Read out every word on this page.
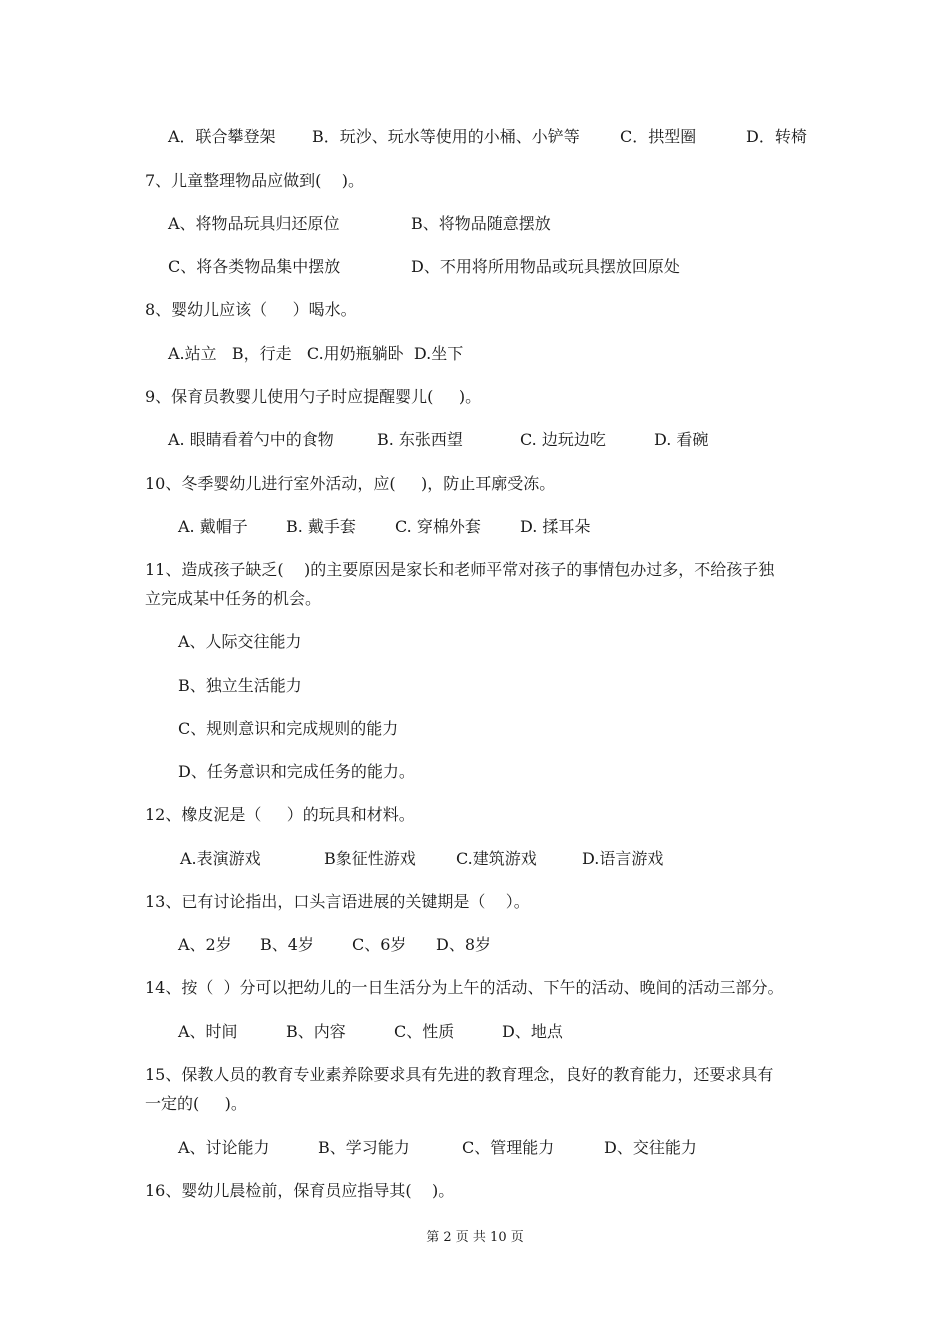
A．联合攀登架

B．玩沙、玩水等使用的小桶、小铲等

	C．拱型圈

	D．转椅

7、儿童整理物品应做到(    )。

A、将物品玩具归还原位

	B、将物品随意摆放

C、将各类物品集中摆放

	D、不用将所用物品或玩具摆放回原处

8、婴幼儿应该（     ）喝水。
A.站立   B，行走   C.用奶瓶躺卧  D.坐下
9、保育员教婴儿使用勺子时应提醒婴儿(     )。

A. 眼睛看着勺中的食物

	B. 东张西望

	C. 边玩边吃

	D. 看碗

10、冬季婴幼儿进行室外活动，应(     )，防止耳廓受冻。

A. 戴帽子

B. 戴手套

C. 穿棉外套

D. 揉耳朵

11、造成孩子缺乏(    )的主要原因是家长和老师平常对孩子的事情包办过多，不给孩子独
立完成某中任务的机会。
A、人际交往能力
B、独立生活能力
C、规则意识和完成规则的能力
D、任务意识和完成任务的能力。
12、橡皮泥是（     ）的玩具和材料。

A.表演游戏

	B象征性游戏

	C.建筑游戏

	D.语言游戏

13、已有讨论指出，口头言语进展的关键期是（    ）。

A、2岁

B、4岁

C、6岁

D、8岁

14、按（  ）分可以把幼儿的一日生活分为上午的活动、下午的活动、晚间的活动三部分。

A、时间

	B、内容

	C、性质

	D、地点

15、保教人员的教育专业素养除要求具有先进的教育理念，良好的教育能力，还要求具有
一定的(     )。

A、讨论能力

	B、学习能力

	C、管理能力

	D、交往能力

16、婴幼儿晨检前，保育员应指导其(    )。
第 2 页 共 10 页
